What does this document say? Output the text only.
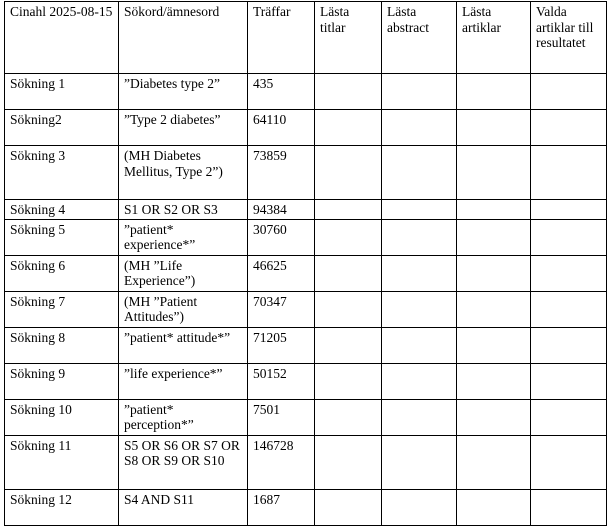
Cinahl 2025-08-15	Sökord/ämnesord	Träffar	Lästa titlar	Lästa abstract	Lästa artiklar	Valda artiklar till resultatet
Sökning 1	”Diabetes type 2”	435				
Sökning2	”Type 2 diabetes”	64110				
Sökning 3	(MH Diabetes Mellitus, Type 2”)	73859				
Sökning 4	S1 OR S2 OR S3	94384				
Sökning 5	”patient* experience*”	30760				
Sökning 6	(MH ”Life Experience”)	46625				
Sökning 7	(MH ”Patient Attitudes”)	70347				
Sökning 8	”patient* attitude*”	71205				
Sökning 9	”life experience*”	50152				
Sökning 10	”patient* perception*”	7501				
Sökning 11	S5 OR S6 OR S7 OR S8 OR S9 OR S10	146728				
Sökning 12	S4 AND S11	1687				
